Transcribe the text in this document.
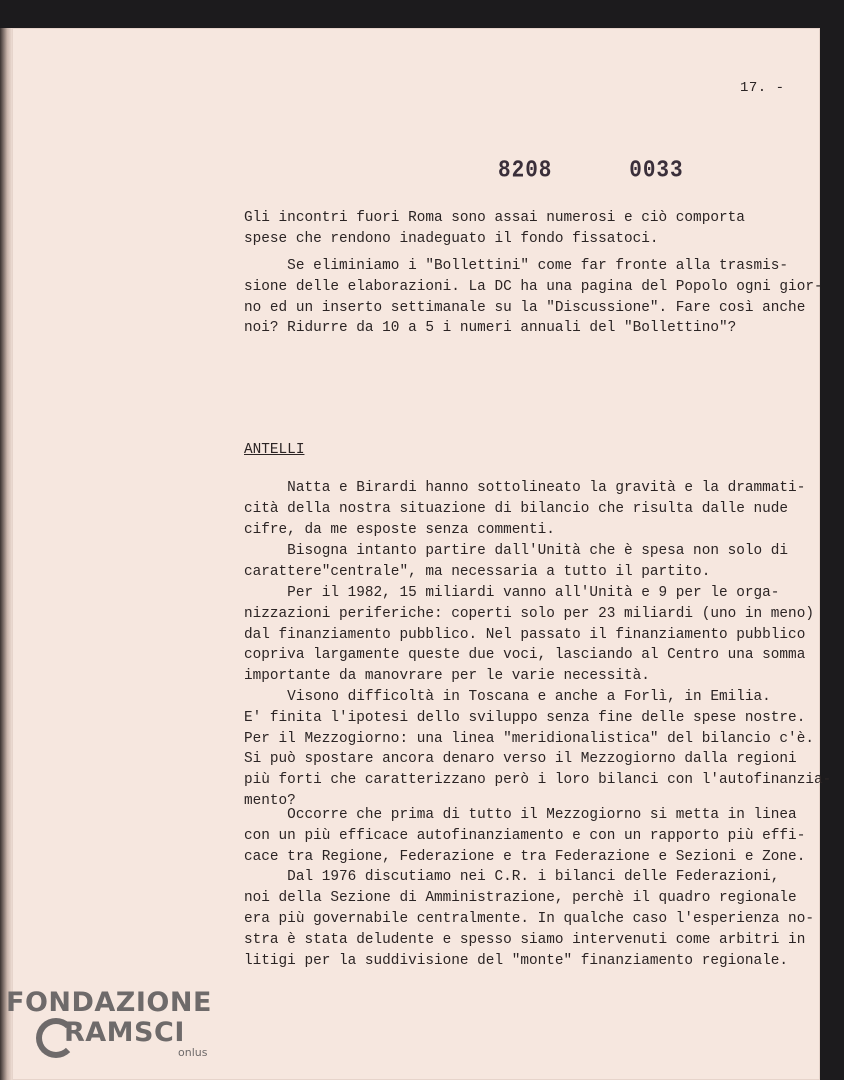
17. -
8208   0033
Gli incontri fuori Roma sono assai numerosi e ciò comporta
spese che rendono inadeguato il fondo fissatoci.
Se eliminiamo i "Bollettini" come far fronte alla trasmis-
sione delle elaborazioni. La DC ha una pagina del Popolo ogni gior-
no ed un inserto settimanale su la "Discussione". Fare così anche
noi? Ridurre da 10 a 5 i numeri annuali del "Bollettino"?
ANTELLI
Natta e Birardi hanno sottolineato la gravità e la drammati-
cità della nostra situazione di bilancio che risulta dalle nude
cifre, da me esposte senza commenti.
Bisogna intanto partire dall'Unità che è spesa non solo di
carattere"centrale", ma necessaria a tutto il partito.
Per il 1982, 15 miliardi vanno all'Unità e 9 per le orga-
nizzazioni periferiche: coperti solo per 23 miliardi (uno in meno)
dal finanziamento pubblico. Nel passato il finanziamento pubblico
copriva largamente queste due voci, lasciando al Centro una somma
importante da manovrare per le varie necessità.
Visono difficoltà in Toscana e anche a Forlì, in Emilia.
E' finita l'ipotesi dello sviluppo senza fine delle spese nostre.
Per il Mezzogiorno: una linea "meridionalistica" del bilancio c'è.
Si può spostare ancora denaro verso il Mezzogiorno dalla regioni
più forti che caratterizzano però i loro bilanci con l'autofinanzia-
mento?
Occorre che prima di tutto il Mezzogiorno si metta in linea
con un più efficace autofinanziamento e con un rapporto più effi-
cace tra Regione, Federazione e tra Federazione e Sezioni e Zone.
Dal 1976 discutiamo nei C.R. i bilanci delle Federazioni,
noi della Sezione di Amministrazione, perchè il quadro regionale
era più governabile centralmente. In qualche caso l'esperienza no-
stra è stata deludente e spesso siamo intervenuti come arbitri in
litigi per la suddivisione del "monte" finanziamento regionale.
FONDAZIONE
RAMSCI
onlus
